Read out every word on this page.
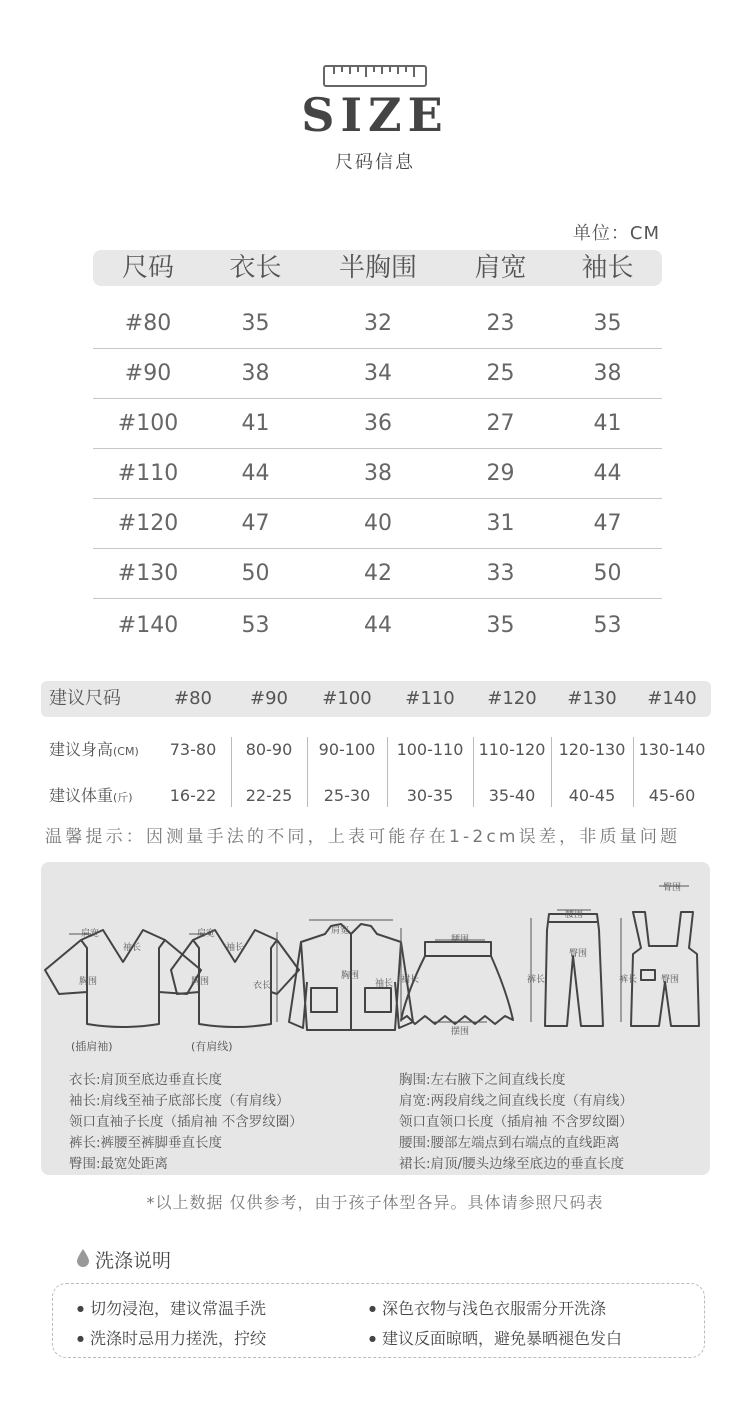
SIZE
尺码信息
单位：CM
尺码	衣长	半胸围	肩宽	袖长
#80	35	32	23	35
#90	38	34	25	38
#100	41	36	27	41
#110	44	38	29	44
#120	47	40	31	47
#130	50	42	33	50
#140	53	44	35	53
建议尺码	#80	#90	#100	#110	#120	#130	#140
建议身高(CM)	73-80	80-90	90-100	100-110 110-120 120-130 130-140
建议体重(斤)	16-22	22-25	25-30	30-35	35-40	40-45	45-60
温馨提示：因测量手法的不同，上表可能存在1-2cm误差，非质量问题
肩宽	肩宽	肩宽
胸围	胸围
胸围
袖长	袖长
袖长
衣长
腰围
腰围
裙长
摆围
裤长	裤长
臀围
臀围
臀围
(插肩袖)	(有肩线)
衣长:肩顶至底边垂直长度
袖长:肩线至袖子底部长度（有肩线）
领口直袖子长度（插肩袖 不含罗纹圈）
裤长:裤腰至裤脚垂直长度
臀围:最宽处距离
胸围:左右腋下之间直线长度
肩宽:两段肩线之间直线长度（有肩线）
领口直领口长度（插肩袖 不含罗纹圈）
腰围:腰部左端点到右端点的直线距离
裙长:肩顶/腰头边缘至底边的垂直长度
*以上数据 仅供参考，由于孩子体型各异。具体请参照尺码表
洗涤说明
● 切勿浸泡，建议常温手洗	● 深色衣物与浅色衣服需分开洗涤
● 洗涤时忌用力搓洗，拧绞	● 建议反面晾晒，避免暴晒褪色发白
